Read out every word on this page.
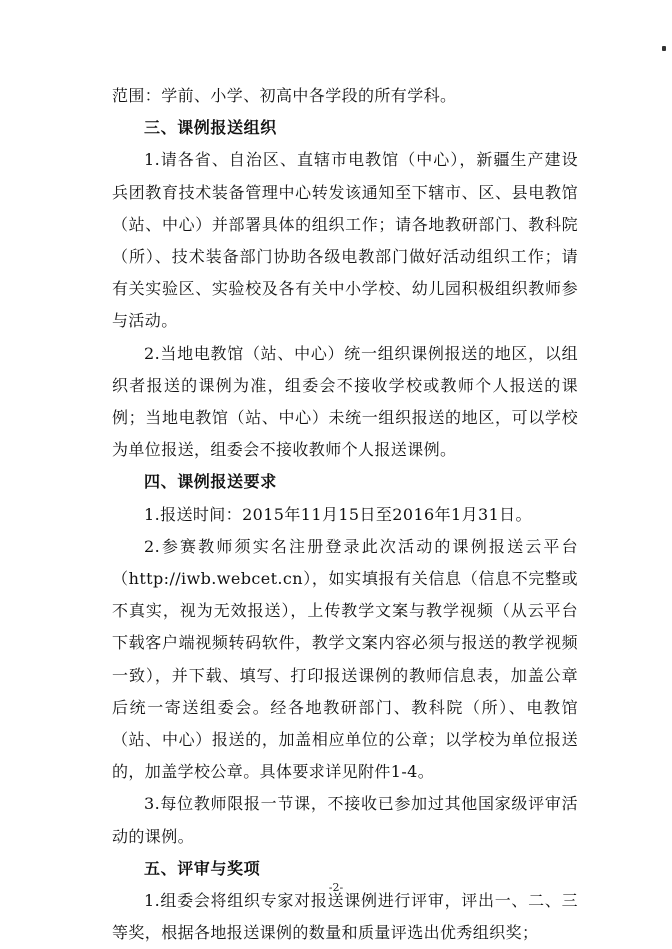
范围：学前、小学、初高中各学段的所有学科。

三、课例报送组织

1.请各省、自治区、直辖市电教馆（中心），新疆生产建设兵团教育技术装备管理中心转发该通知至下辖市、区、县电教馆（站、中心）并部署具体的组织工作；请各地教研部门、教科院（所）、技术装备部门协助各级电教部门做好活动组织工作；请有关实验区、实验校及各有关中小学校、幼儿园积极组织教师参与活动。

2.当地电教馆（站、中心）统一组织课例报送的地区，以组织者报送的课例为准，组委会不接收学校或教师个人报送的课例；当地电教馆（站、中心）未统一组织报送的地区，可以学校为单位报送，组委会不接收教师个人报送课例。

四、课例报送要求

1.报送时间：2015年11月15日至2016年1月31日。

2.参赛教师须实名注册登录此次活动的课例报送云平台（http://iwb.webcet.cn），如实填报有关信息（信息不完整或不真实，视为无效报送），上传教学文案与教学视频（从云平台下载客户端视频转码软件，教学文案内容必须与报送的教学视频一致），并下载、填写、打印报送课例的教师信息表，加盖公章后统一寄送组委会。经各地教研部门、教科院（所）、电教馆（站、中心）报送的，加盖相应单位的公章；以学校为单位报送的，加盖学校公章。具体要求详见附件1-4。

3.每位教师限报一节课，不接收已参加过其他国家级评审活动的课例。

五、评审与奖项

1.组委会将组织专家对报送课例进行评审，评出一、二、三等奖，根据各地报送课例的数量和质量评选出优秀组织奖；

-2-
